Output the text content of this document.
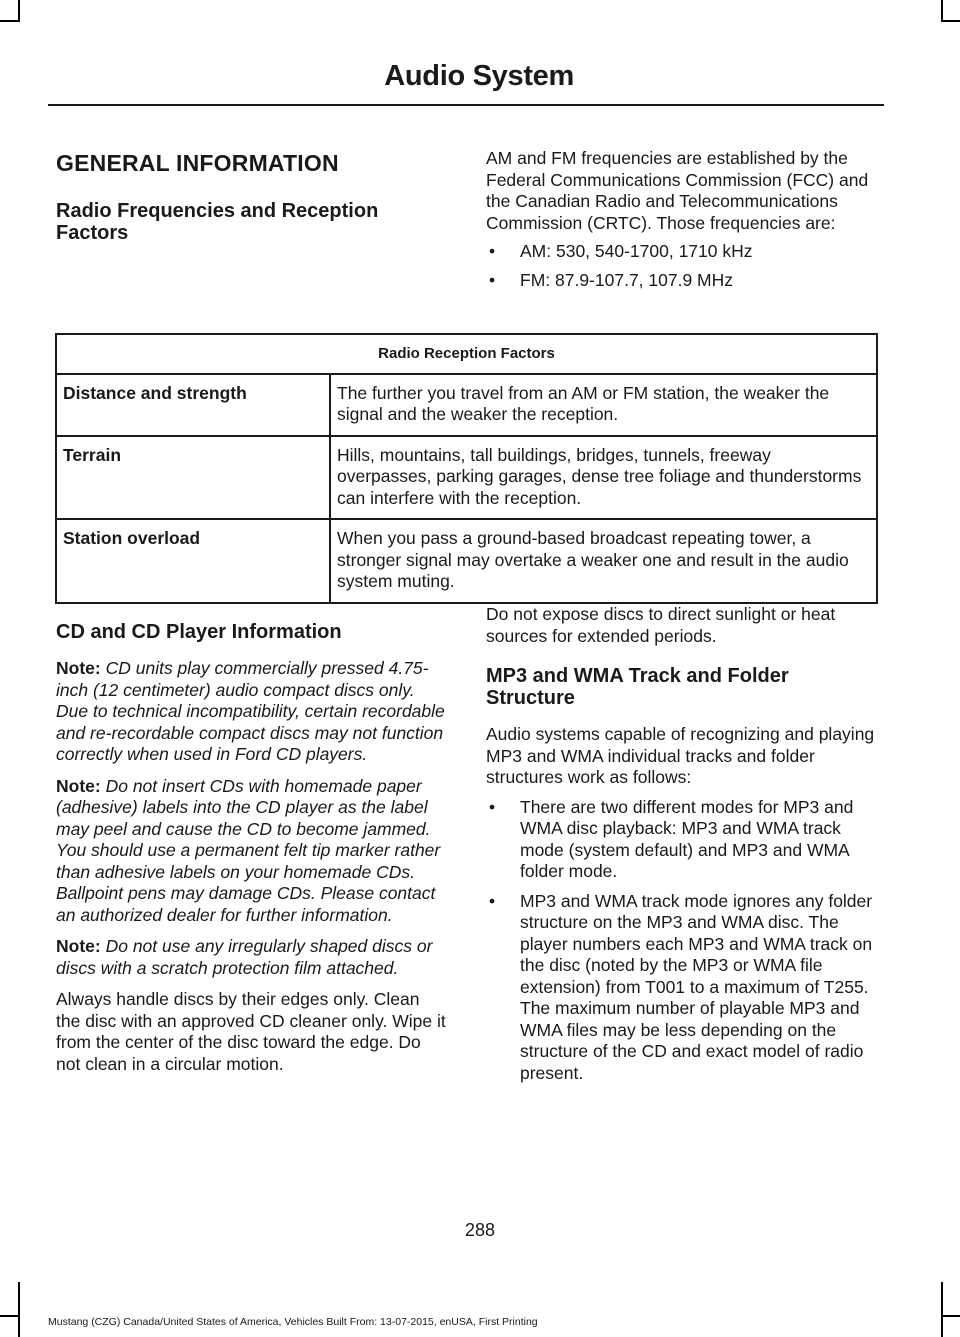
Audio System
GENERAL INFORMATION
Radio Frequencies and Reception Factors

AM and FM frequencies are established by the Federal Communications Commission (FCC) and the Canadian Radio and Telecommunications Commission (CRTC). Those frequencies are:

• AM: 530, 540-1700, 1710 kHz
• FM: 87.9-107.7, 107.9 MHz
Radio Reception Factors	
Distance and strength	The further you travel from an AM or FM station, the weaker the signal and the weaker the reception.
Terrain	Hills, mountains, tall buildings, bridges, tunnels, freeway overpasses, parking garages, dense tree foliage and thunderstorms can interfere with the reception.
Station overload	When you pass a ground-based broadcast repeating tower, a stronger signal may overtake a weaker one and result in the audio system muting.
CD and CD Player Information

Note: CD units play commercially pressed 4.75-inch (12 centimeter) audio compact discs only. Due to technical incompatibility, certain recordable and re-recordable compact discs may not function correctly when used in Ford CD players.

Note: Do not insert CDs with homemade paper (adhesive) labels into the CD player as the label may peel and cause the CD to become jammed. You should use a permanent felt tip marker rather than adhesive labels on your homemade CDs. Ballpoint pens may damage CDs. Please contact an authorized dealer for further information.

Note: Do not use any irregularly shaped discs or discs with a scratch protection film attached.

Always handle discs by their edges only. Clean the disc with an approved CD cleaner only. Wipe it from the center of the disc toward the edge. Do not clean in a circular motion.

Do not expose discs to direct sunlight or heat sources for extended periods.

MP3 and WMA Track and Folder Structure

Audio systems capable of recognizing and playing MP3 and WMA individual tracks and folder structures work as follows:

• There are two different modes for MP3 and WMA disc playback: MP3 and WMA track mode (system default) and MP3 and WMA folder mode.
• MP3 and WMA track mode ignores any folder structure on the MP3 and WMA disc. The player numbers each MP3 and WMA track on the disc (noted by the MP3 or WMA file extension) from T001 to a maximum of T255. The maximum number of playable MP3 and WMA files may be less depending on the structure of the CD and exact model of radio present.
288
Mustang (CZG) Canada/United States of America, Vehicles Built From: 13-07-2015, enUSA, First Printing
